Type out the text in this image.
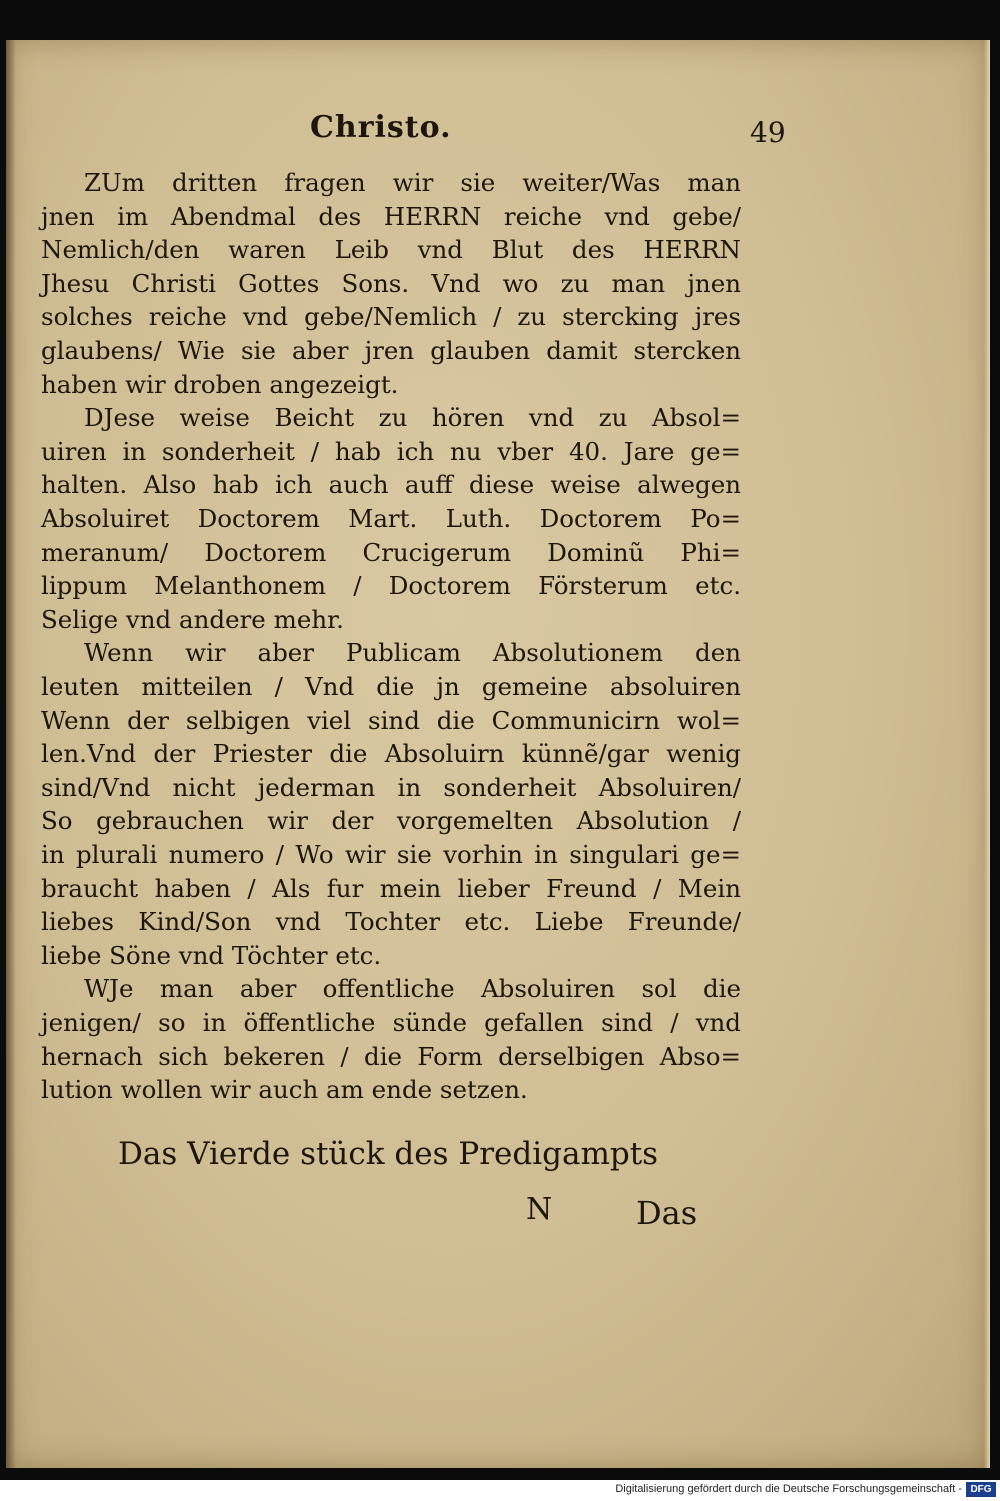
Christo.	49
ZUm dritten fragen wir sie weiter/Was man
jnen im Abendmal des HERRN reiche vnd gebe/
Nemlich/den waren Leib vnd Blut des HERRN
Jhesu Christi Gottes Sons. Vnd wo zu man jnen
solches reiche vnd gebe/Nemlich / zu stercking jres
glaubens/ Wie sie aber jren glauben damit stercken
haben wir droben angezeigt.
DJese weise Beicht zu hören vnd zu Absol=
uiren in sonderheit / hab ich nu vber 40. Jare ge=
halten. Also hab ich auch auff diese weise alwegen
Absoluiret Doctorem Mart. Luth. Doctorem Po=
meranum/ Doctorem Crucigerum Dominũ Phi=
lippum Melanthonem / Doctorem Försterum etc.
Selige vnd andere mehr.
Wenn wir aber Publicam Absolutionem den
leuten mitteilen / Vnd die jn gemeine absoluiren
Wenn der selbigen viel sind die Communicirn wol=
len.Vnd der Priester die Absoluirn künnẽ/gar wenig
sind/Vnd nicht jederman in sonderheit Absoluiren/
So gebrauchen wir der vorgemelten Absolution /
in plurali numero / Wo wir sie vorhin in singulari ge=
braucht haben / Als fur mein lieber Freund / Mein
liebes Kind/Son vnd Tochter etc. Liebe Freunde/
liebe Söne vnd Töchter etc.
WJe man aber offentliche Absoluiren sol die
jenigen/ so in öffentliche sünde gefallen sind / vnd
hernach sich bekeren / die Form derselbigen Abso=
lution wollen wir auch am ende setzen.
Das Vierde stück des Predigampts
N	Das
Digitalisierung gefördert durch die Deutsche Forschungsgemeinschaft - DFG
